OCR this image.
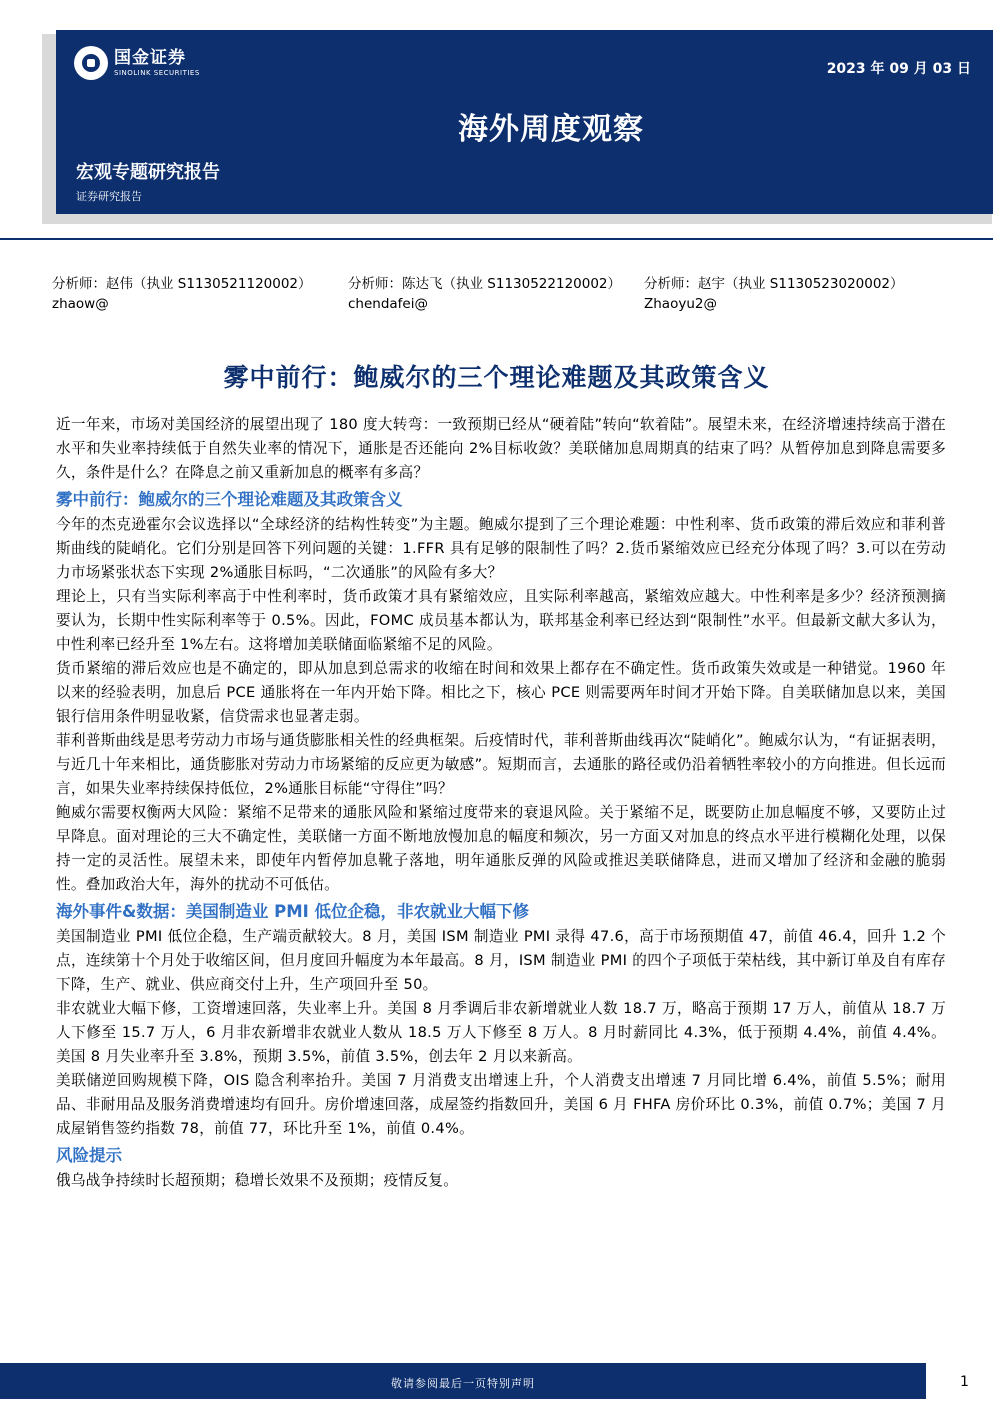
国金证券
SINOLINK SECURITIES	2023 年 09 月 03 日
海外周度观察
宏观专题研究报告
证券研究报告
分析师：赵伟（执业 S1130521120002）
zhaow@
分析师：陈达飞（执业 S1130522120002）
chendafei@
分析师：赵宇（执业 S1130523020002）
Zhaoyu2@
雾中前行：鲍威尔的三个理论难题及其政策含义

近一年来，市场对美国经济的展望出现了 180 度大转弯：一致预期已经从“硬着陆”转向“软着陆”。展望未来，在经济增速持续高于潜在水平和失业率持续低于自然失业率的情况下，通胀是否还能向 2%目标收敛？美联储加息周期真的结束了吗？从暂停加息到降息需要多久，条件是什么？在降息之前又重新加息的概率有多高？

雾中前行：鲍威尔的三个理论难题及其政策含义

今年的杰克逊霍尔会议选择以“全球经济的结构性转变”为主题。鲍威尔提到了三个理论难题：中性利率、货币政策的滞后效应和菲利普斯曲线的陡峭化。它们分别是回答下列问题的关键：1.FFR 具有足够的限制性了吗？2.货币紧缩效应已经充分体现了吗？3.可以在劳动力市场紧张状态下实现 2%通胀目标吗，“二次通胀”的风险有多大？

理论上，只有当实际利率高于中性利率时，货币政策才具有紧缩效应，且实际利率越高，紧缩效应越大。中性利率是多少？经济预测摘要认为，长期中性实际利率等于 0.5%。因此，FOMC 成员基本都认为，联邦基金利率已经达到“限制性”水平。但最新文献大多认为，中性利率已经升至 1%左右。这将增加美联储面临紧缩不足的风险。

货币紧缩的滞后效应也是不确定的，即从加息到总需求的收缩在时间和效果上都存在不确定性。货币政策失效或是一种错觉。1960 年以来的经验表明，加息后 PCE 通胀将在一年内开始下降。相比之下，核心 PCE 则需要两年时间才开始下降。自美联储加息以来，美国银行信用条件明显收紧，信贷需求也显著走弱。

菲利普斯曲线是思考劳动力市场与通货膨胀相关性的经典框架。后疫情时代，菲利普斯曲线再次“陡峭化”。鲍威尔认为，“有证据表明，与近几十年来相比，通货膨胀对劳动力市场紧缩的反应更为敏感”。短期而言，去通胀的路径或仍沿着牺牲率较小的方向推进。但长远而言，如果失业率持续保持低位，2%通胀目标能“守得住”吗？

鲍威尔需要权衡两大风险：紧缩不足带来的通胀风险和紧缩过度带来的衰退风险。关于紧缩不足，既要防止加息幅度不够，又要防止过早降息。面对理论的三大不确定性，美联储一方面不断地放慢加息的幅度和频次，另一方面又对加息的终点水平进行模糊化处理，以保持一定的灵活性。展望未来，即使年内暂停加息靴子落地，明年通胀反弹的风险或推迟美联储降息，进而又增加了经济和金融的脆弱性。叠加政治大年，海外的扰动不可低估。

海外事件&数据：美国制造业 PMI 低位企稳，非农就业大幅下修

美国制造业 PMI 低位企稳，生产端贡献较大。8 月，美国 ISM 制造业 PMI 录得 47.6，高于市场预期值 47，前值 46.4，回升 1.2 个点，连续第十个月处于收缩区间，但月度回升幅度为本年最高。8 月，ISM 制造业 PMI 的四个子项低于荣枯线，其中新订单及自有库存下降，生产、就业、供应商交付上升，生产项回升至 50。

非农就业大幅下修，工资增速回落，失业率上升。美国 8 月季调后非农新增就业人数 18.7 万，略高于预期 17 万人，前值从 18.7 万人下修至 15.7 万人，6 月非农新增非农就业人数从 18.5 万人下修至 8 万人。8 月时薪同比 4.3%，低于预期 4.4%，前值 4.4%。美国 8 月失业率升至 3.8%，预期 3.5%，前值 3.5%，创去年 2 月以来新高。

美联储逆回购规模下降，OIS 隐含利率抬升。美国 7 月消费支出增速上升，个人消费支出增速 7 月同比增 6.4%，前值 5.5%；耐用品、非耐用品及服务消费增速均有回升。房价增速回落，成屋签约指数回升，美国 6 月 FHFA 房价环比 0.3%，前值 0.7%；美国 7 月成屋销售签约指数 78，前值 77，环比升至 1%，前值 0.4%。

风险提示

俄乌战争持续时长超预期；稳增长效果不及预期；疫情反复。

敬请参阅最后一页特别声明	1
